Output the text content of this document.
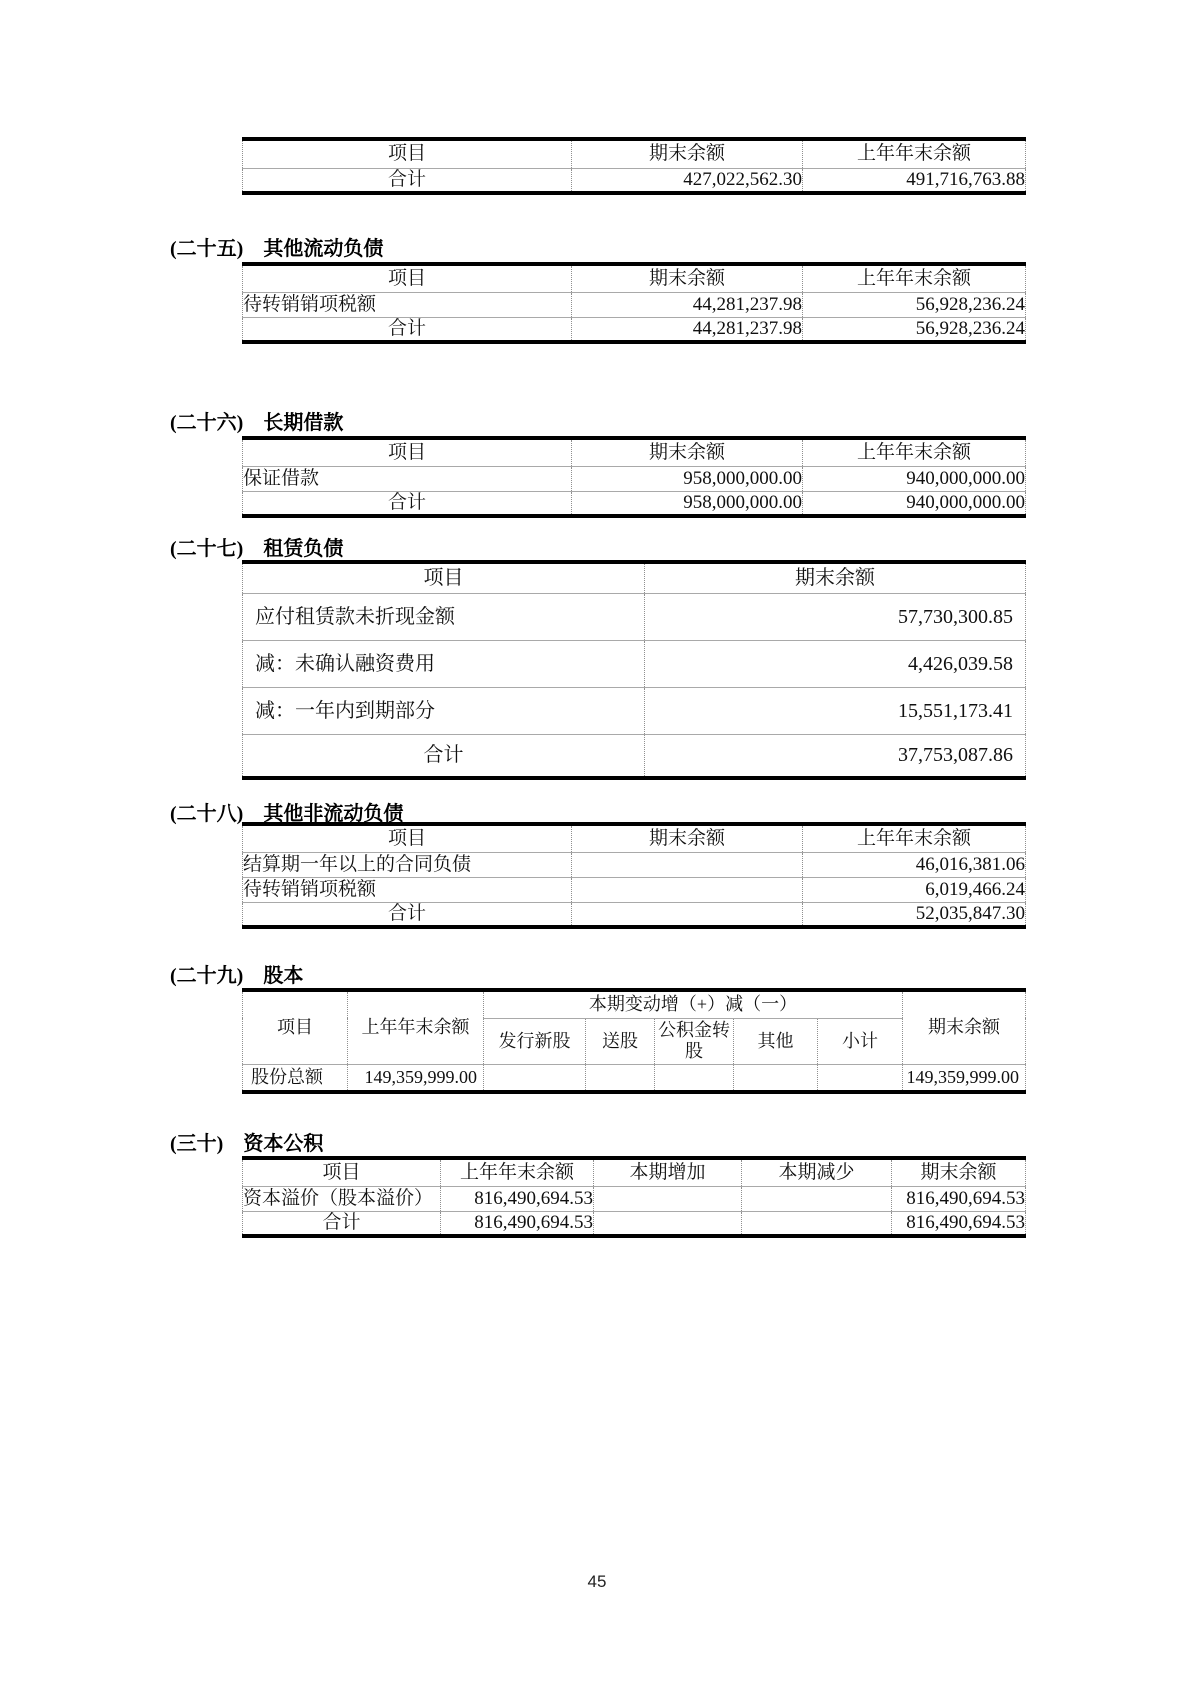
项目	期末余额	上年年末余额
合计	427,022,562.30	491,716,763.88
(二十五) 其他流动负债
项目	期末余额	上年年末余额
待转销销项税额	44,281,237.98	56,928,236.24
合计	44,281,237.98	56,928,236.24
(二十六) 长期借款
项目	期末余额	上年年末余额
保证借款	958,000,000.00	940,000,000.00
合计	958,000,000.00	940,000,000.00
(二十七) 租赁负债
项目	期末余额
应付租赁款未折现金额	57,730,300.85
减：未确认融资费用	4,426,039.58
减：一年内到期部分	15,551,173.41
合计	37,753,087.86
(二十八) 其他非流动负债
项目	期末余额	上年年末余额
结算期一年以上的合同负债		46,016,381.06
待转销销项税额		6,019,466.24
合计		52,035,847.30
(二十九) 股本
项目	上年年末余额	本期变动增（+）减（一）					期末余额
		发行新股	送股	公积金转股	其他	小计	
股份总额	149,359,999.00						149,359,999.00
(三十) 资本公积
项目	上年年末余额	本期增加	本期减少	期末余额
资本溢价（股本溢价）	816,490,694.53			816,490,694.53
合计	816,490,694.53			816,490,694.53
45
